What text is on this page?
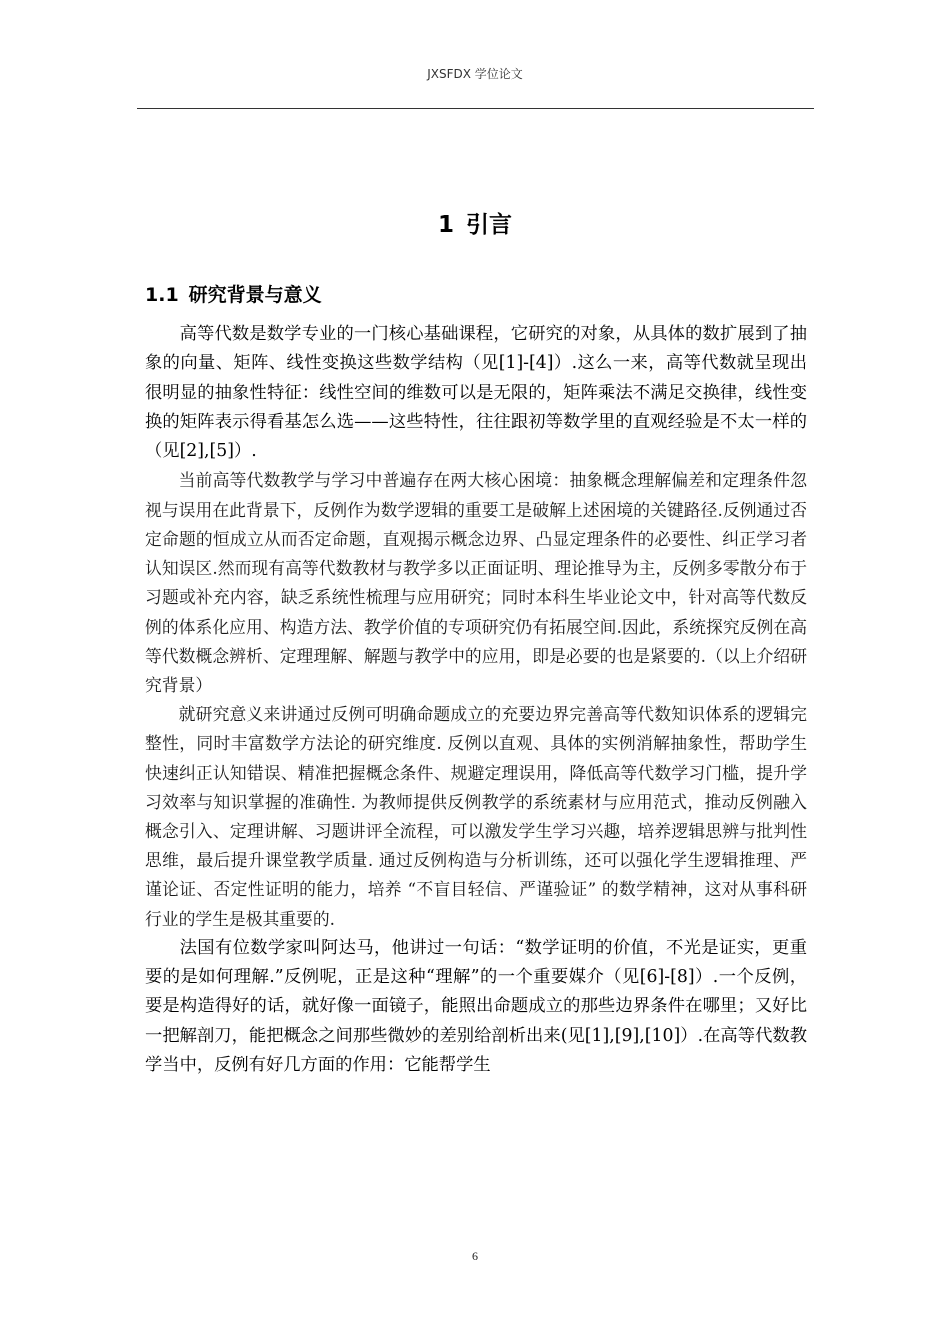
JXSFDX 学位论文
1 引言
1.1 研究背景与意义

高等代数是数学专业的一门核心基础课程，它研究的对象，从具体的数扩展到了抽象的向量、矩阵、线性变换这些数学结构（见[1]-[4]）.这么一来，高等代数就呈现出很明显的抽象性特征：线性空间的维数可以是无限的，矩阵乘法不满足交换律，线性变换的矩阵表示得看基怎么选——这些特性，往往跟初等数学里的直观经验是不太一样的（见[2],[5]）.

当前高等代数教学与学习中普遍存在两大核心困境：抽象概念理解偏差和定理条件忽视与误用在此背景下，反例作为数学逻辑的重要工是破解上述困境的关键路径.反例通过否定命题的恒成立从而否定命题，直观揭示概念边界、凸显定理条件的必要性、纠正学习者认知误区.然而现有高等代数教材与教学多以正面证明、理论推导为主，反例多零散分布于习题或补充内容，缺乏系统性梳理与应用研究；同时本科生毕业论文中，针对高等代数反例的体系化应用、构造方法、教学价值的专项研究仍有拓展空间.因此，系统探究反例在高等代数概念辨析、定理理解、解题与教学中的应用，即是必要的也是紧要的.（以上介绍研究背景）

就研究意义来讲通过反例可明确命题成立的充要边界完善高等代数知识体系的逻辑完整性，同时丰富数学方法论的研究维度. 反例以直观、具体的实例消解抽象性，帮助学生快速纠正认知错误、精准把握概念条件、规避定理误用，降低高等代数学习门槛，提升学习效率与知识掌握的准确性. 为教师提供反例教学的系统素材与应用范式，推动反例融入概念引入、定理讲解、习题讲评全流程，可以激发学生学习兴趣，培养逻辑思辨与批判性思维，最后提升课堂教学质量. 通过反例构造与分析训练，还可以强化学生逻辑推理、严谨论证、否定性证明的能力，培养 “不盲目轻信、严谨验证” 的数学精神，这对从事科研行业的学生是极其重要的.

法国有位数学家叫阿达马，他讲过一句话：“数学证明的价值，不光是证实，更重要的是如何理解.”反例呢，正是这种“理解”的一个重要媒介（见[6]-[8]）.一个反例，要是构造得好的话，就好像一面镜子，能照出命题成立的那些边界条件在哪里；又好比一把解剖刀，能把概念之间那些微妙的差别给剖析出来(见[1],[9],[10]）.在高等代数教学当中，反例有好几方面的作用：它能帮学生

6
